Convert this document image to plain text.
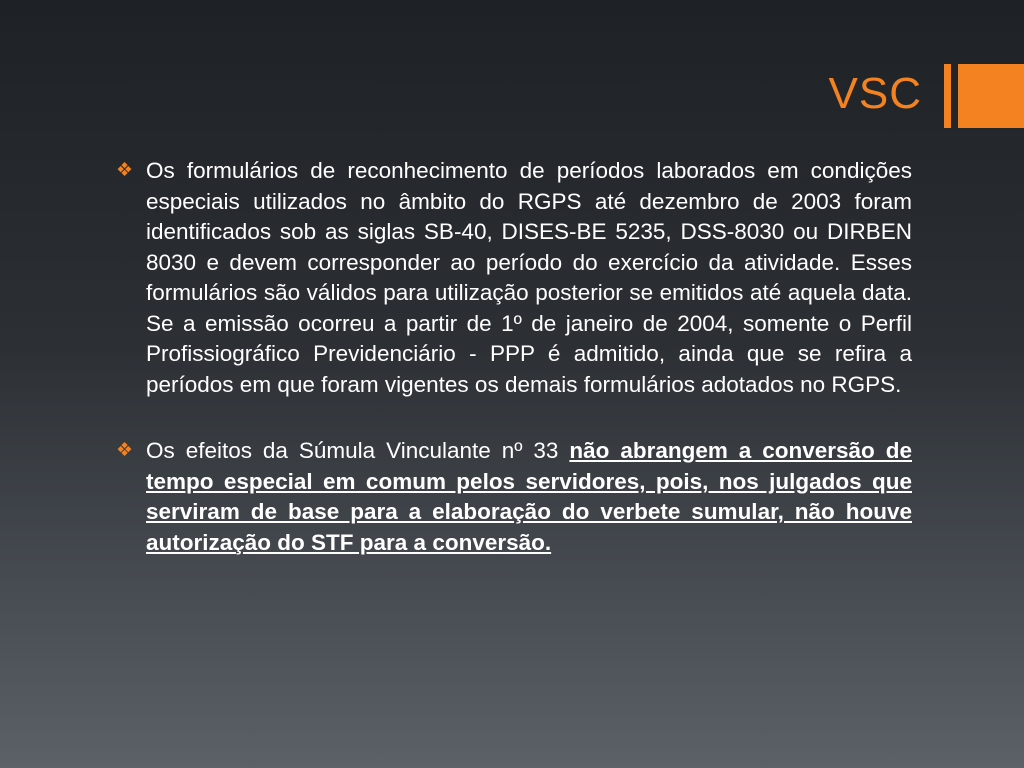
VSC
❖ Os formulários de reconhecimento de períodos laborados em condições especiais utilizados no âmbito do RGPS até dezembro de 2003 foram identificados sob as siglas SB-40, DISES-BE 5235, DSS-8030 ou DIRBEN 8030 e devem corresponder ao período do exercício da atividade. Esses formulários são válidos para utilização posterior se emitidos até aquela data. Se a emissão ocorreu a partir de 1º de janeiro de 2004, somente o Perfil Profissiográfico Previdenciário - PPP é admitido, ainda que se refira a períodos em que foram vigentes os demais formulários adotados no RGPS.
❖ Os efeitos da Súmula Vinculante nº 33 não abrangem a conversão de tempo especial em comum pelos servidores, pois, nos julgados que serviram de base para a elaboração do verbete sumular, não houve autorização do STF para a conversão.
